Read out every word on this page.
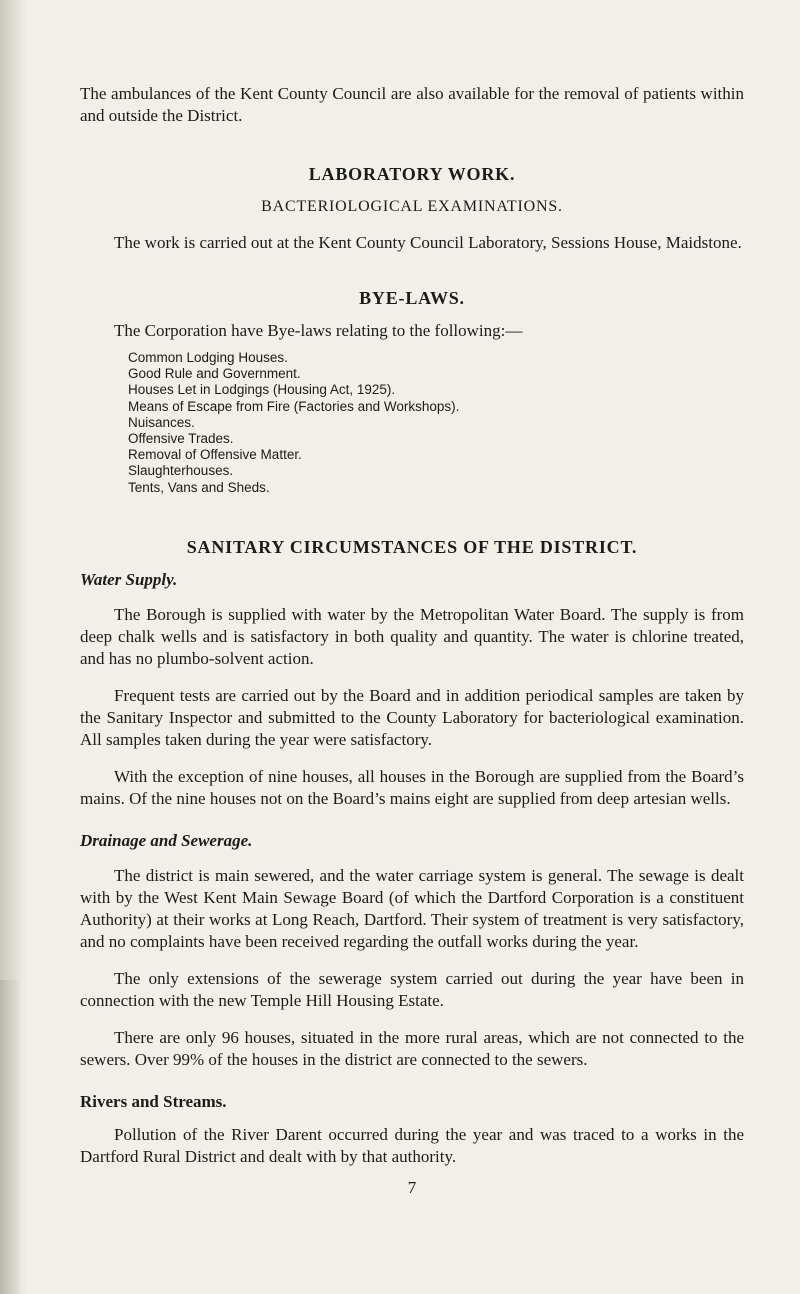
The ambulances of the Kent County Council are also available for the removal of patients within and outside the District.

LABORATORY WORK.

BACTERIOLOGICAL EXAMINATIONS.

The work is carried out at the Kent County Council Laboratory, Sessions House, Maidstone.

BYE-LAWS.

The Corporation have Bye-laws relating to the following:—

Common Lodging Houses.
Good Rule and Government.
Houses Let in Lodgings (Housing Act, 1925).
Means of Escape from Fire (Factories and Workshops).
Nuisances.
Offensive Trades.
Removal of Offensive Matter.
Slaughterhouses.
Tents, Vans and Sheds.

SANITARY CIRCUMSTANCES OF THE DISTRICT.

Water Supply.

The Borough is supplied with water by the Metropolitan Water Board. The supply is from deep chalk wells and is satisfactory in both quality and quantity. The water is chlorine treated, and has no plumbo-solvent action.

Frequent tests are carried out by the Board and in addition periodical samples are taken by the Sanitary Inspector and submitted to the County Laboratory for bacteriological examination. All samples taken during the year were satisfactory.

With the exception of nine houses, all houses in the Borough are supplied from the Board’s mains. Of the nine houses not on the Board’s mains eight are supplied from deep artesian wells.

Drainage and Sewerage.

The district is main sewered, and the water carriage system is general. The sewage is dealt with by the West Kent Main Sewage Board (of which the Dartford Corporation is a constituent Authority) at their works at Long Reach, Dartford. Their system of treatment is very satisfactory, and no complaints have been received regarding the outfall works during the year.

The only extensions of the sewerage system carried out during the year have been in connection with the new Temple Hill Housing Estate.

There are only 96 houses, situated in the more rural areas, which are not connected to the sewers. Over 99% of the houses in the district are connected to the sewers.

Rivers and Streams.

Pollution of the River Darent occurred during the year and was traced to a works in the Dartford Rural District and dealt with by that authority.

7
